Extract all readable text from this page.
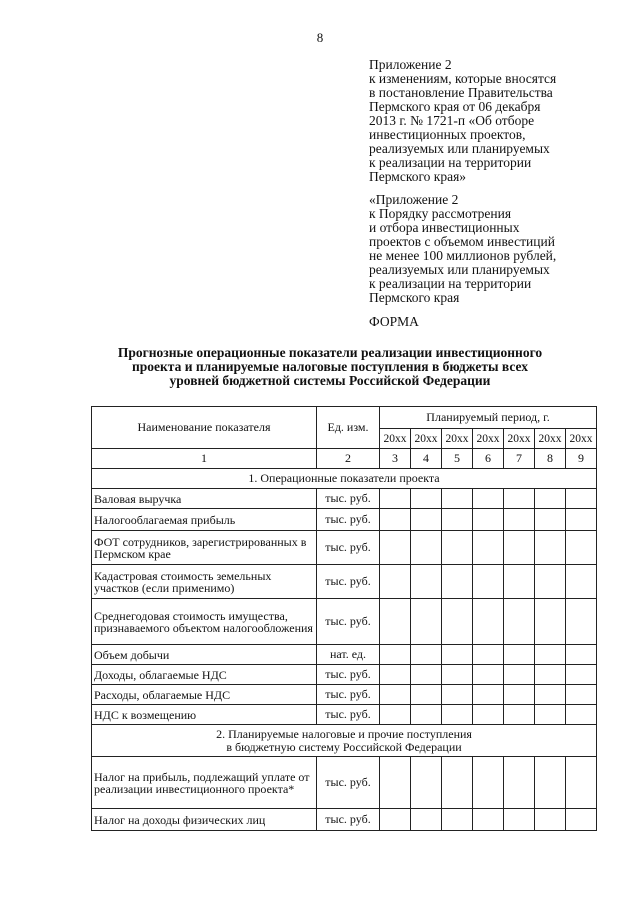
8
Приложение 2
к изменениям, которые вносятся
в постановление Правительства
Пермского края от 06 декабря
2013 г. № 1721-п «Об отборе
инвестиционных проектов,
реализуемых или планируемых
к реализации на территории
Пермского края»
«Приложение 2
к Порядку рассмотрения
и отбора инвестиционных
проектов с объемом инвестиций
не менее 100 миллионов рублей,
реализуемых или планируемых
к реализации на территории
Пермского края
ФОРМА
Прогнозные операционные показатели реализации инвестиционного
проекта и планируемые налоговые поступления в бюджеты всех
уровней бюджетной системы Российской Федерации
Наименование показателя	Ед. изм.	Планируемый период, г.						
		20xx	20xx	20xx	20xx	20xx	20xx	20xx
1	2	3	4	5	6	7	8	9

1. Операционные показатели проекта								

Валовая выручка	тыс. руб.							
Налогооблагаемая прибыль	тыс. руб.							
ФОТ сотрудников, зарегистрированных в Пермском крае	тыс. руб.							
Кадастровая стоимость земельных участков (если применимо)	тыс. руб.							
Среднегодовая стоимость имущества, признаваемого объектом налогообложения	тыс. руб.							
Объем добычи	нат. ед.							
Доходы, облагаемые НДС	тыс. руб.							
Расходы, облагаемые НДС	тыс. руб.							
НДС к возмещению	тыс. руб.							

2. Планируемые налоговые и прочие поступления
в бюджетную систему Российской Федерации								

Налог на прибыль, подлежащий уплате от реализации инвестиционного проекта*	тыс. руб.							
Налог на доходы физических лиц	тыс. руб.							
